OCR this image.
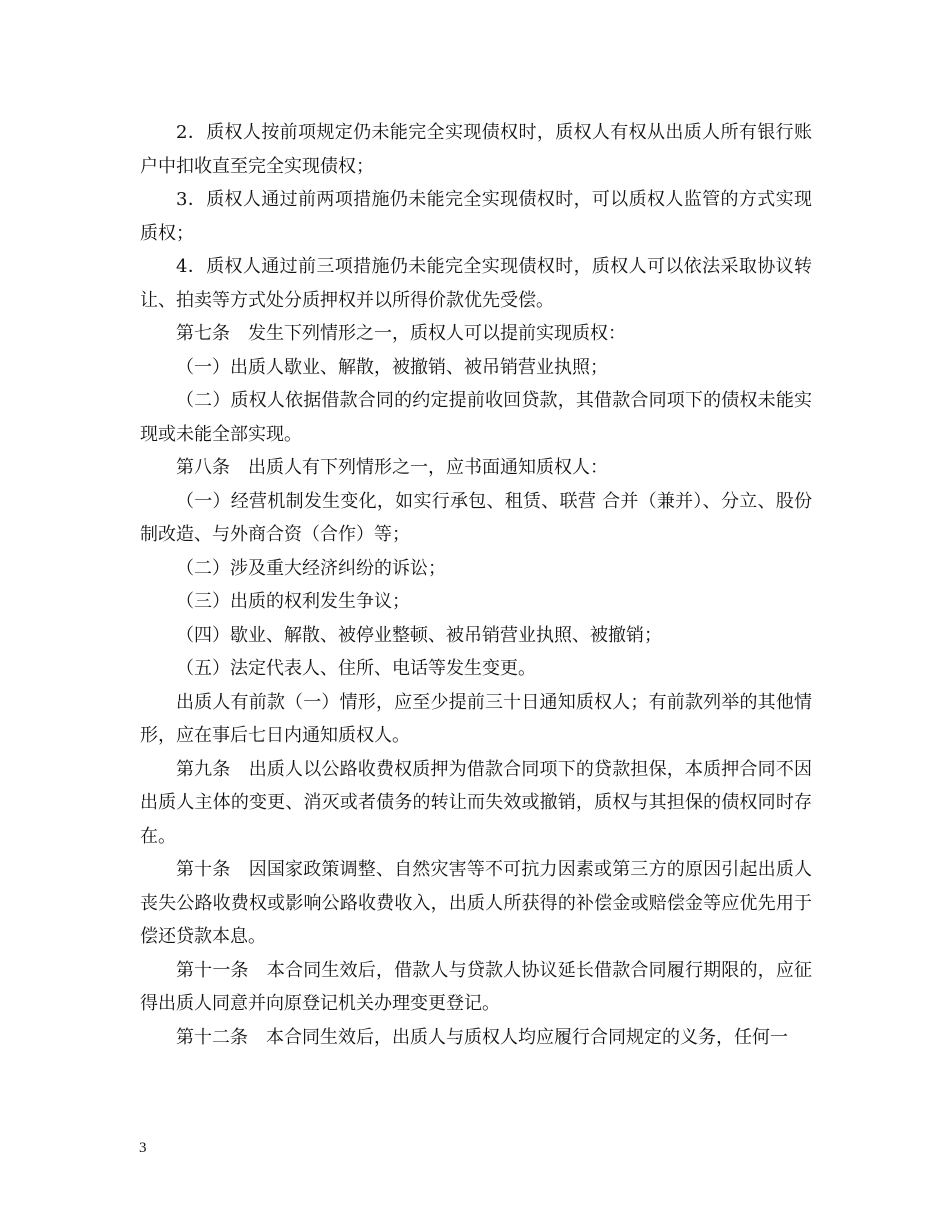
2．质权人按前项规定仍未能完全实现债权时，质权人有权从出质人所有银行账户中扣收直至完全实现债权；

3．质权人通过前两项措施仍未能完全实现债权时，可以质权人监管的方式实现质权；

4．质权人通过前三项措施仍未能完全实现债权时，质权人可以依法采取协议转让、拍卖等方式处分质押权并以所得价款优先受偿。

第七条　发生下列情形之一，质权人可以提前实现质权：

（一）出质人歇业、解散，被撤销、被吊销营业执照；

（二）质权人依据借款合同的约定提前收回贷款，其借款合同项下的债权未能实现或未能全部实现。

第八条　出质人有下列情形之一，应书面通知质权人：

（一）经营机制发生变化，如实行承包、租赁、联营 合并（兼并）、分立、股份制改造、与外商合资（合作）等；

（二）涉及重大经济纠纷的诉讼；

（三）出质的权利发生争议；

（四）歇业、解散、被停业整顿、被吊销营业执照、被撤销；

（五）法定代表人、住所、电话等发生变更。

出质人有前款（一）情形，应至少提前三十日通知质权人；有前款列举的其他情形，应在事后七日内通知质权人。

第九条　出质人以公路收费权质押为借款合同项下的贷款担保，本质押合同不因出质人主体的变更、消灭或者债务的转让而失效或撤销，质权与其担保的债权同时存在。

第十条　因国家政策调整、自然灾害等不可抗力因素或第三方的原因引起出质人丧失公路收费权或影响公路收费收入，出质人所获得的补偿金或赔偿金等应优先用于偿还贷款本息。

第十一条　本合同生效后，借款人与贷款人协议延长借款合同履行期限的，应征得出质人同意并向原登记机关办理变更登记。

第十二条　本合同生效后，出质人与质权人均应履行合同规定的义务，任何一

3
